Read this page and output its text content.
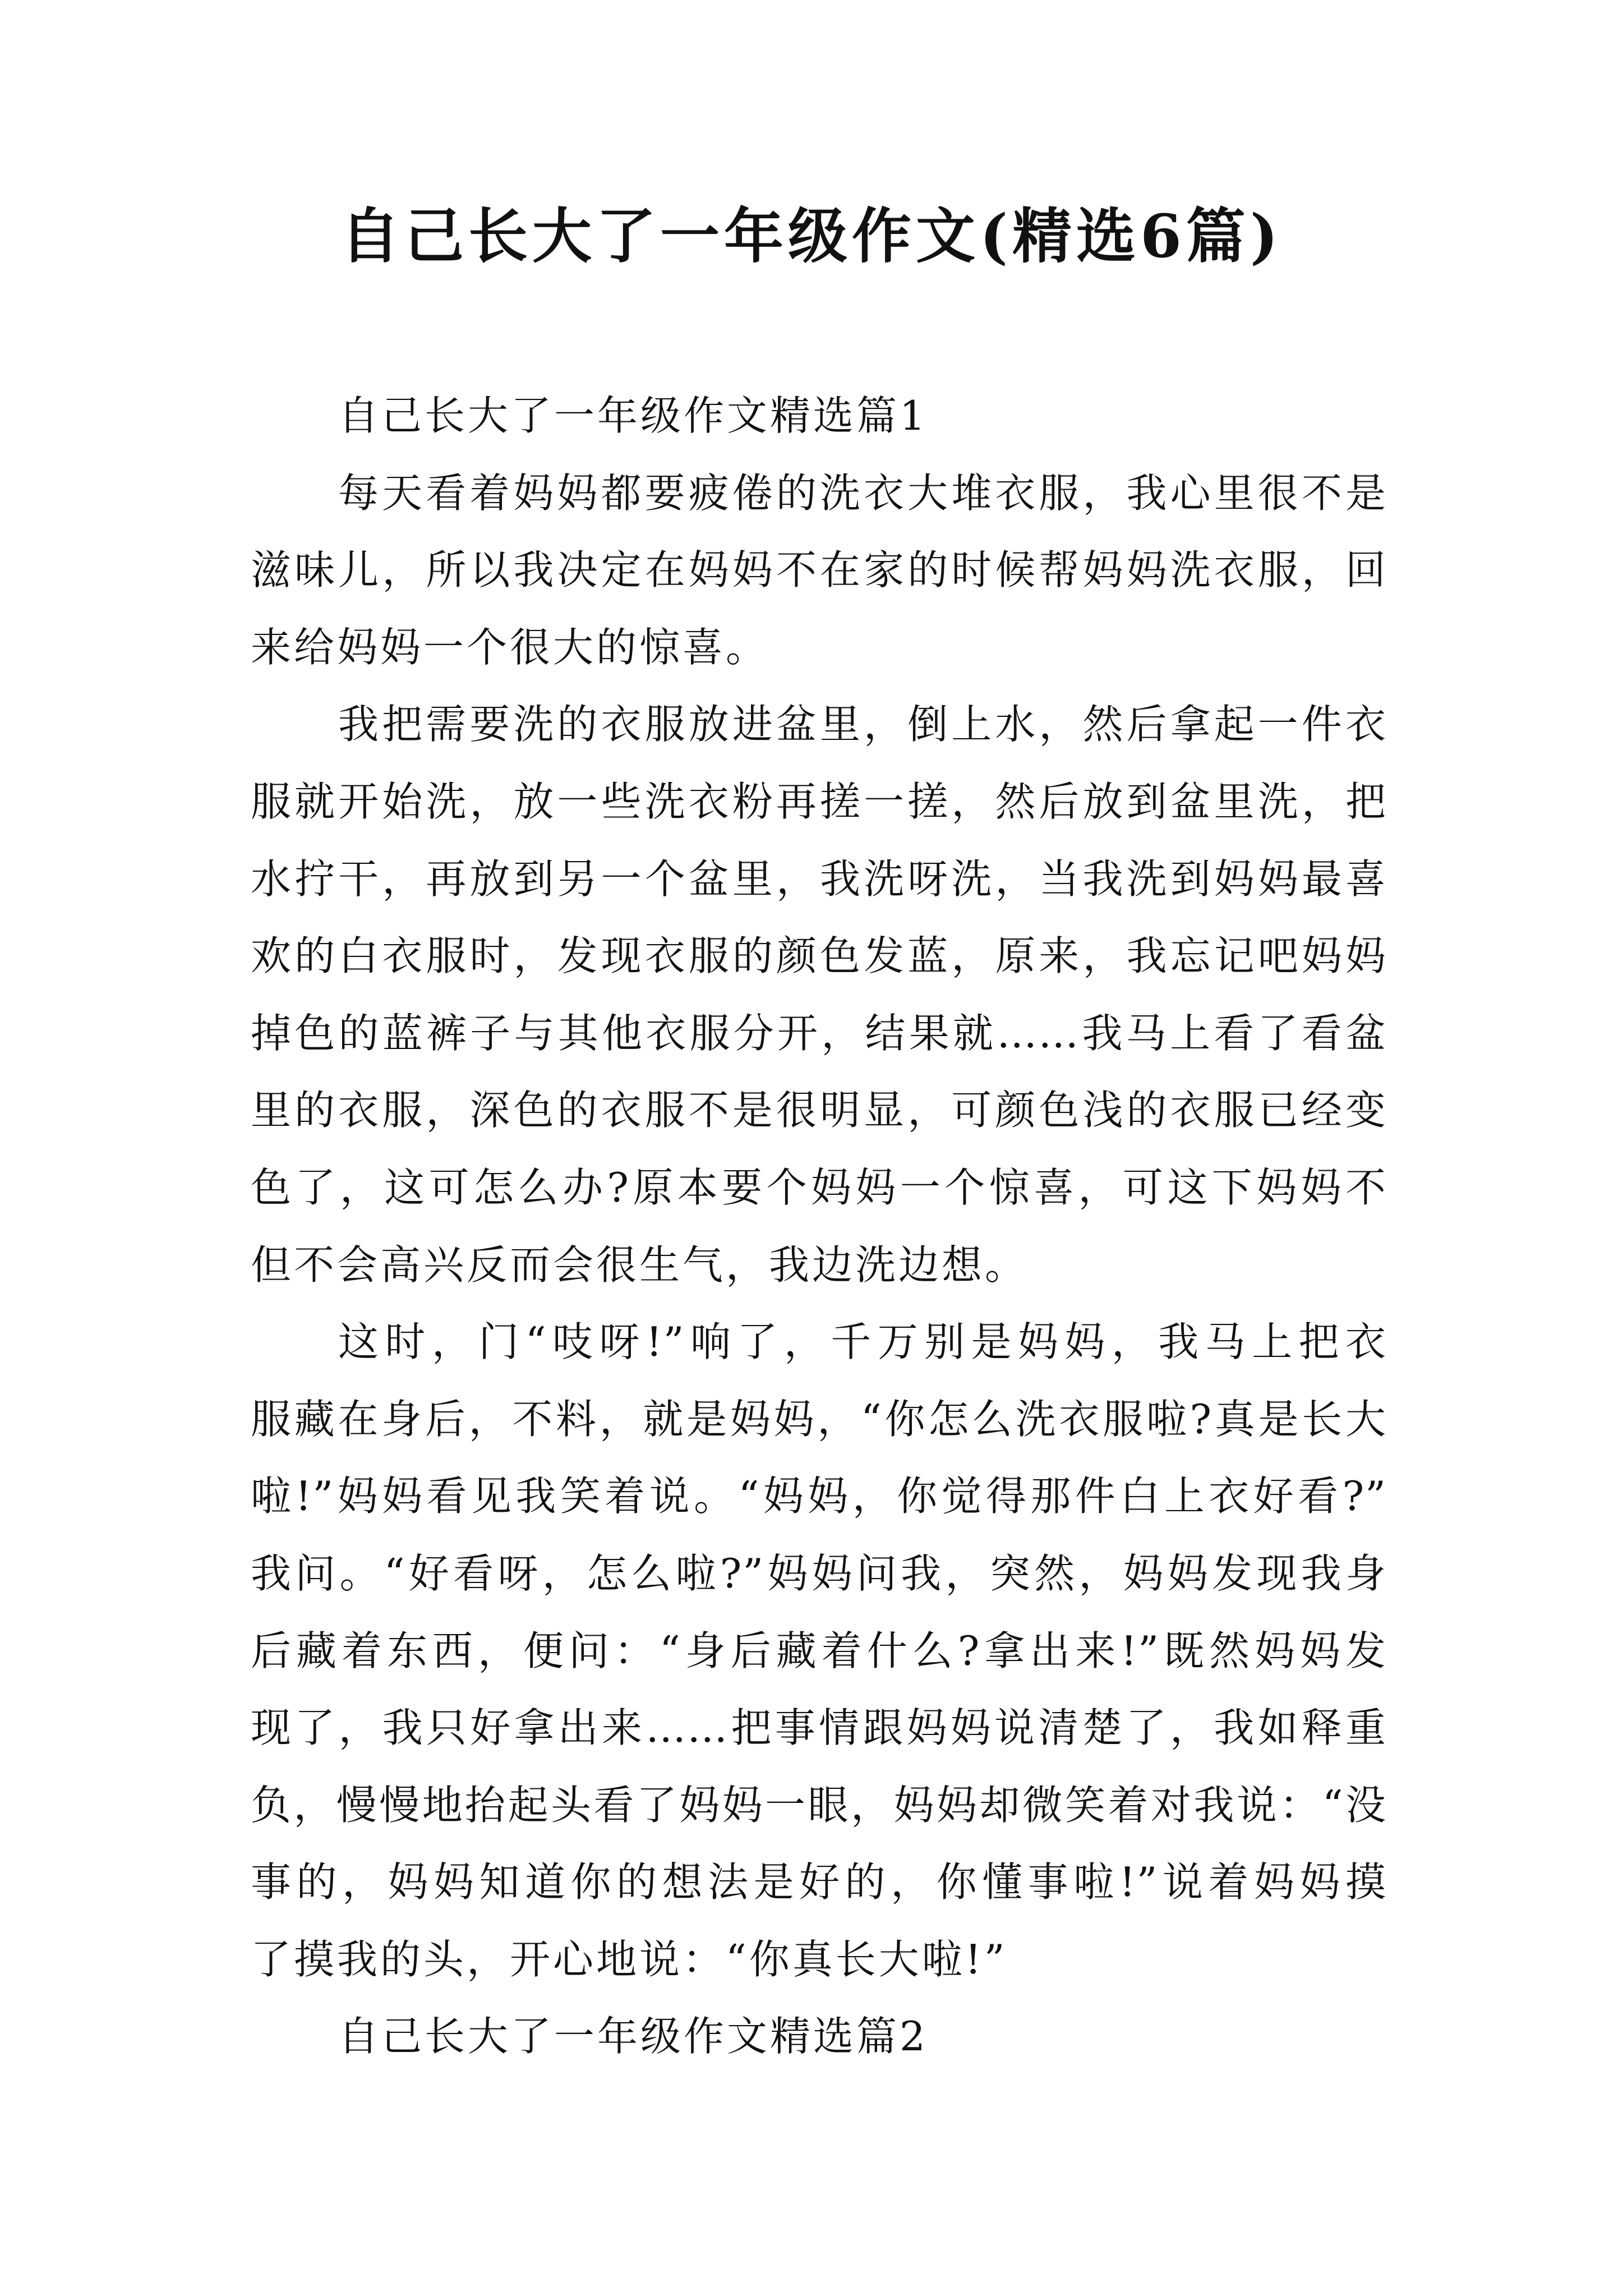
自己长大了一年级作文(精选6篇)
自己长大了一年级作文精选篇1
每天看着妈妈都要疲倦的洗衣大堆衣服，我心里很不是
滋味儿，所以我决定在妈妈不在家的时候帮妈妈洗衣服，回
来给妈妈一个很大的惊喜。
我把需要洗的衣服放进盆里，倒上水，然后拿起一件衣
服就开始洗，放一些洗衣粉再搓一搓，然后放到盆里洗，把
水拧干，再放到另一个盆里，我洗呀洗，当我洗到妈妈最喜
欢的白衣服时，发现衣服的颜色发蓝，原来，我忘记吧妈妈
掉色的蓝裤子与其他衣服分开，结果就……我马上看了看盆
里的衣服，深色的衣服不是很明显，可颜色浅的衣服已经变
色了，这可怎么办?原本要个妈妈一个惊喜，可这下妈妈不
但不会高兴反而会很生气，我边洗边想。
这时，门“吱呀!”响了，千万别是妈妈，我马上把衣
服藏在身后，不料，就是妈妈，“你怎么洗衣服啦?真是长大
啦!”妈妈看见我笑着说。“妈妈，你觉得那件白上衣好看?”
我问。“好看呀，怎么啦?”妈妈问我，突然，妈妈发现我身
后藏着东西，便问：“身后藏着什么?拿出来!”既然妈妈发
现了，我只好拿出来……把事情跟妈妈说清楚了，我如释重
负，慢慢地抬起头看了妈妈一眼，妈妈却微笑着对我说：“没
事的，妈妈知道你的想法是好的，你懂事啦!”说着妈妈摸
了摸我的头，开心地说：“你真长大啦!”
自己长大了一年级作文精选篇2
